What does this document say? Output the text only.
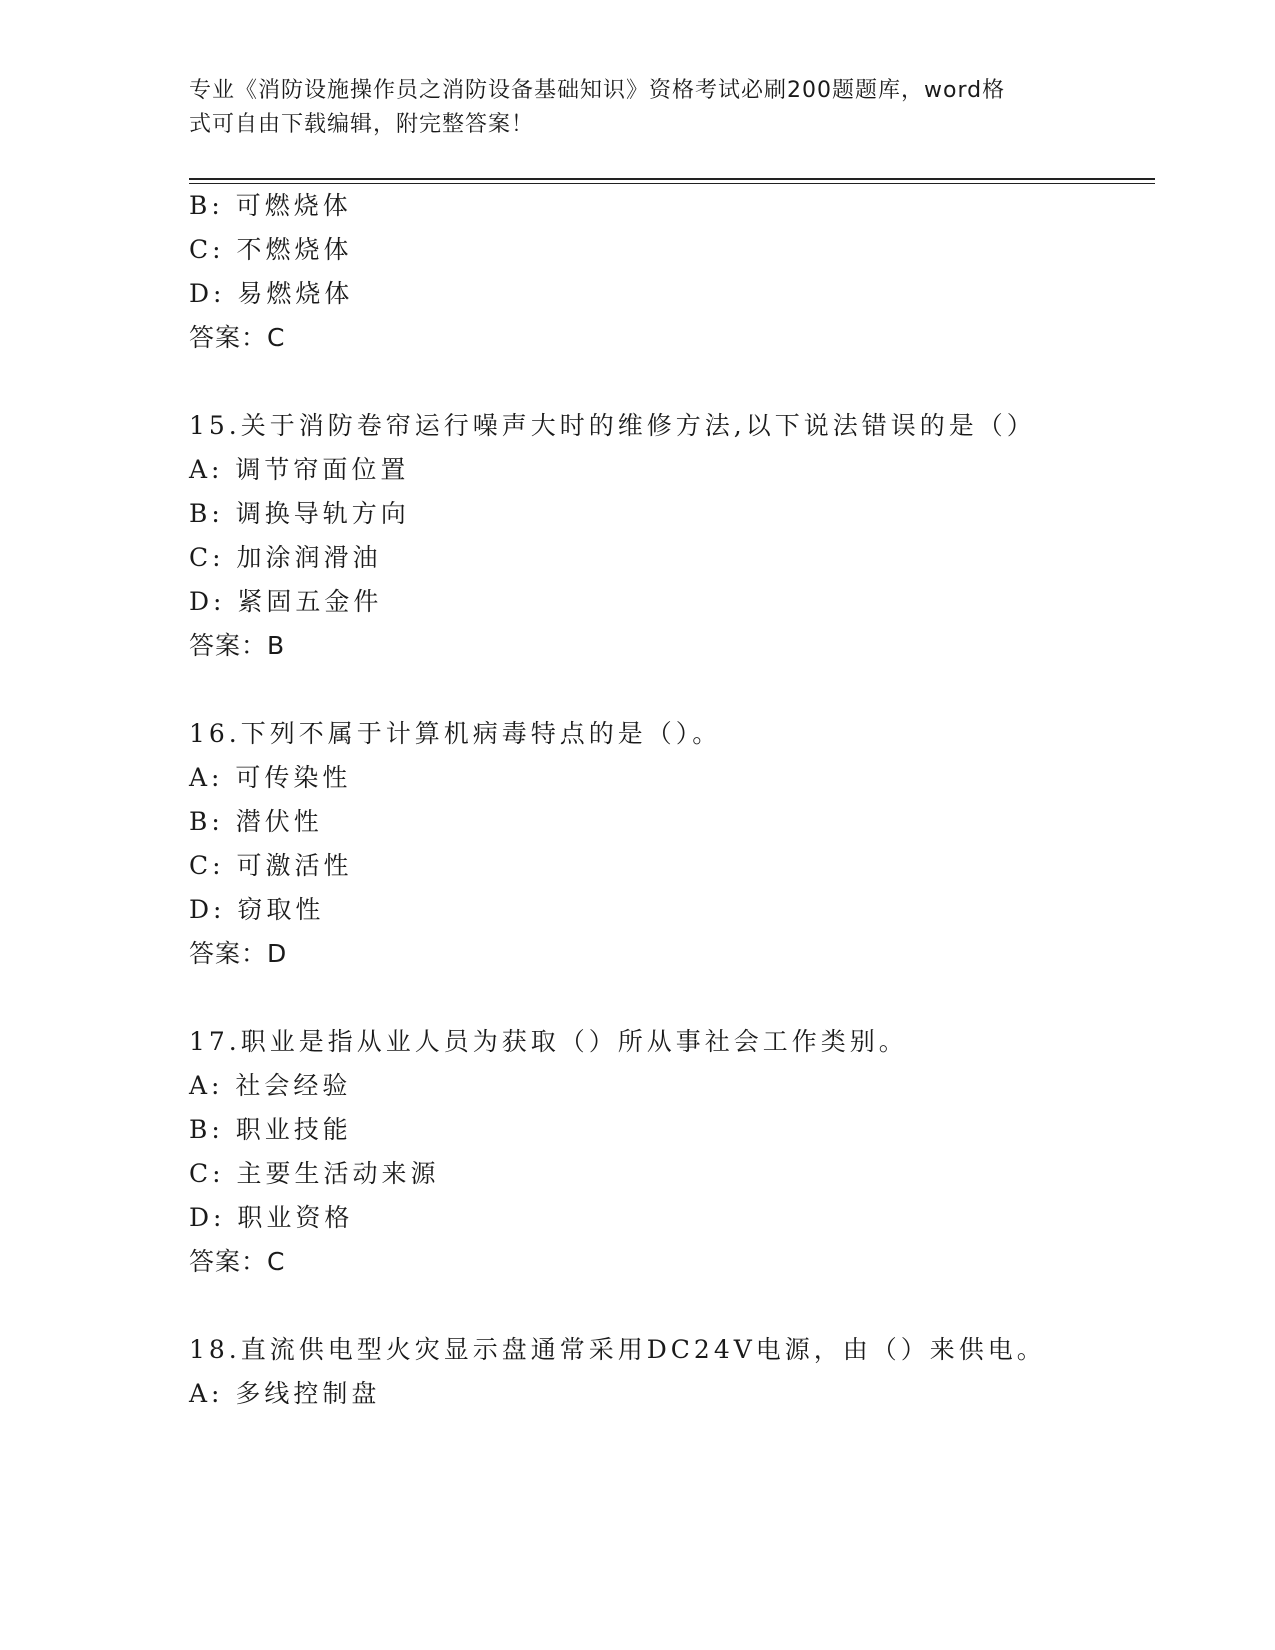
专业《消防设施操作员之消防设备基础知识》资格考试必刷200题题库，word格
式可自由下载编辑，附完整答案！
B: 可燃烧体
C: 不燃烧体
D: 易燃烧体
答案：C
15.关于消防卷帘运行噪声大时的维修方法,以下说法错误的是（）
A: 调节帘面位置
B: 调换导轨方向
C: 加涂润滑油
D: 紧固五金件
答案：B
16.下列不属于计算机病毒特点的是（）。
A: 可传染性
B: 潜伏性
C: 可激活性
D: 窃取性
答案：D
17.职业是指从业人员为获取（）所从事社会工作类别。
A: 社会经验
B: 职业技能
C: 主要生活动来源
D: 职业资格
答案：C
18.直流供电型火灾显示盘通常采用DC24V电源，由（）来供电。
A: 多线控制盘
